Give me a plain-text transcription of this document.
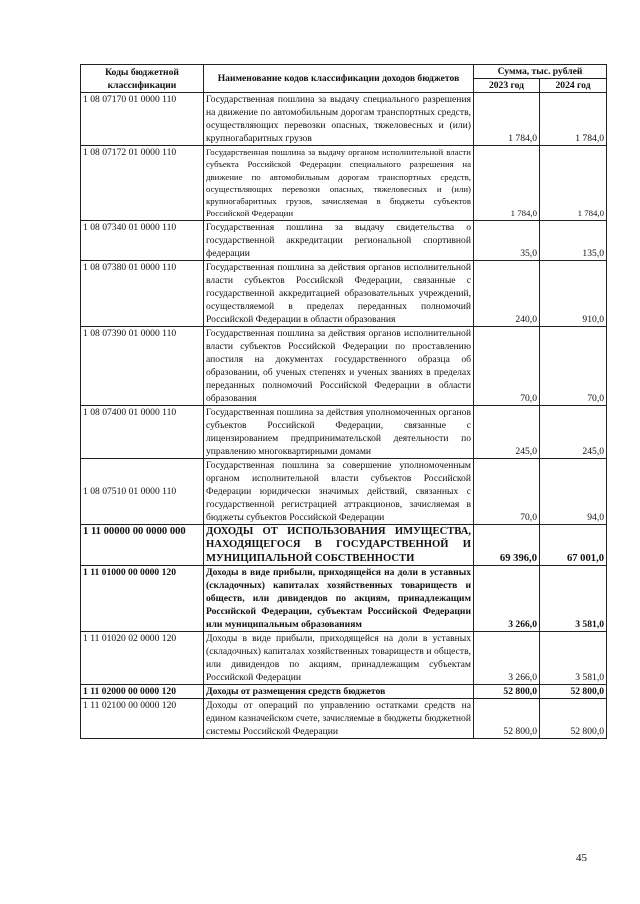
Коды бюджетной классификации	Наименование кодов классификации доходов бюджетов	Сумма, тыс. рублей	
		2023 год	2024 год
1 08 07170 01 0000 110	Государственная пошлина за выдачу специального разрешения на движение по автомобильным дорогам транспортных средств, осуществляющих перевозки опасных, тяжеловесных и (или) крупногабаритных грузов	1 784,0	1 784,0
1 08 07172 01 0000 110	Государственная пошлина за выдачу органом исполнительной власти субъекта Российской Федерации специального разрешения на движение по автомобильным дорогам транспортных средств, осуществляющих перевозки опасных, тяжеловесных и (или) крупногабаритных грузов, зачисляемая в бюджеты субъектов Российской Федерации	1 784,0	1 784,0
1 08 07340 01 0000 110	Государственная пошлина за выдачу свидетельства о государственной аккредитации региональной спортивной федерации	35,0	135,0
1 08 07380 01 0000 110	Государственная пошлина за действия органов исполнительной власти субъектов Российской Федерации, связанные с государственной аккредитацией образовательных учреждений, осуществляемой в пределах переданных полномочий Российской Федерации в области образования	240,0	910,0
1 08 07390 01 0000 110	Государственная пошлина за действия органов исполнительной власти субъектов Российской Федерации по проставлению апостиля на документах государственного образца об образовании, об ученых степенях и ученых званиях в пределах переданных полномочий Российской Федерации в области образования	70,0	70,0
1 08 07400 01 0000 110	Государственная пошлина за действия уполномоченных органов субъектов Российской Федерации, связанные с лицензированием предпринимательской деятельности по управлению многоквартирными домами	245,0	245,0
1 08 07510 01 0000 110	Государственная пошлина за совершение уполномоченным органом исполнительной власти субъектов Российской Федерации юридически значимых действий, связанных с государственной регистрацией аттракционов, зачисляемая в бюджеты субъектов Российской Федерации	70,0	94,0
1 11 00000 00 0000 000	ДОХОДЫ ОТ ИСПОЛЬЗОВАНИЯ ИМУЩЕСТВА, НАХОДЯЩЕГОСЯ В ГОСУДАРСТВЕННОЙ И МУНИЦИПАЛЬНОЙ СОБСТВЕННОСТИ	69 396,0	67 001,0
1 11 01000 00 0000 120	Доходы в виде прибыли, приходящейся на доли в уставных (складочных) капиталах хозяйственных товариществ и обществ, или дивидендов по акциям, принадлежащим Российской Федерации, субъектам Российской Федерации или муниципальным образованиям	3 266,0	3 581,0
1 11 01020 02 0000 120	Доходы в виде прибыли, приходящейся на доли в уставных (складочных) капиталах хозяйственных товариществ и обществ, или дивидендов по акциям, принадлежащим субъектам Российской Федерации	3 266,0	3 581,0
1 11 02000 00 0000 120	Доходы от размещения средств бюджетов	52 800,0	52 800,0
1 11 02100 00 0000 120	Доходы от операций по управлению остатками средств на едином казначейском счете, зачисляемые в бюджеты бюджетной системы Российской Федерации	52 800,0	52 800,0
45
